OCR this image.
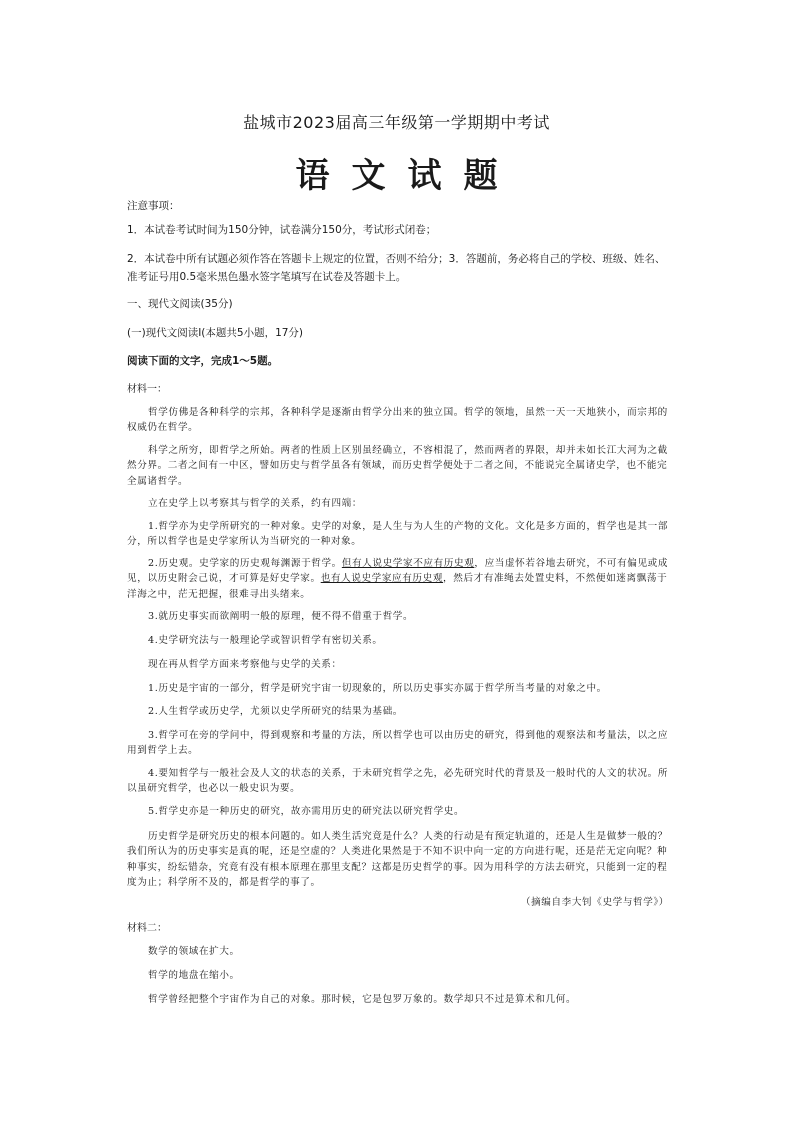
盐城市2023届高三年级第一学期期中考试
语文试题
注意事项：
1．本试卷考试时间为150分钟，试卷满分150分，考试形式闭卷；
2．本试卷中所有试题必须作答在答题卡上规定的位置，否则不给分；3．答题前，务必将自己的学校、班级、姓名、准考证号用0.5毫米黑色墨水签字笔填写在试卷及答题卡上。
一、现代文阅读(35分)
(一)现代文阅读Ⅰ(本题共5小题，17分)
阅读下面的文字，完成1～5题。
材料一：
哲学仿佛是各种科学的宗邦，各种科学是逐渐由哲学分出来的独立国。哲学的领地，虽然一天一天地狭小，而宗邦的权威仍在哲学。
科学之所穷，即哲学之所始。两者的性质上区别虽经确立，不容相混了，然而两者的界限，却并未如长江大河为之截然分界。二者之间有一中区，譬如历史与哲学虽各有领域，而历史哲学便处于二者之间，不能说完全属诸史学，也不能完全属诸哲学。
立在史学上以考察其与哲学的关系，约有四端：
1.哲学亦为史学所研究的一种对象。史学的对象，是人生与为人生的产物的文化。文化是多方面的，哲学也是其一部分，所以哲学也是史学家所认为当研究的一种对象。
2.历史观。史学家的历史观每渊源于哲学。但有人说史学家不应有历史观，应当虚怀若谷地去研究，不可有偏见或成见，以历史附会己说，才可算是好史学家。也有人说史学家应有历史观，然后才有准绳去处置史料，不然便如迷离飘荡于洋海之中，茫无把握，很难寻出头绪来。
3.就历史事实而欲阐明一般的原理，便不得不借重于哲学。
4.史学研究法与一般理论学或智识哲学有密切关系。
现在再从哲学方面来考察他与史学的关系：
1.历史是宇宙的一部分，哲学是研究宇宙一切现象的，所以历史事实亦属于哲学所当考量的对象之中。
2.人生哲学或历史学，尤须以史学所研究的结果为基础。
3.哲学可在旁的学问中，得到观察和考量的方法，所以哲学也可以由历史的研究，得到他的观察法和考量法，以之应用到哲学上去。
4.要知哲学与一般社会及人文的状态的关系，于未研究哲学之先，必先研究时代的背景及一般时代的人文的状况。所以虽研究哲学，也必以一般史识为要。
5.哲学史亦是一种历史的研究，故亦需用历史的研究法以研究哲学史。
历史哲学是研究历史的根本问题的。如人类生活究竟是什么？人类的行动是有预定轨道的，还是人生是做梦一般的？我们所认为的历史事实是真的呢，还是空虚的？人类进化果然是于不知不识中向一定的方向进行呢，还是茫无定向呢？种种事实，纷纭错杂，究竟有没有根本原理在那里支配？这都是历史哲学的事。因为用科学的方法去研究，只能到一定的程度为止；科学所不及的，都是哲学的事了。
（摘编自李大钊《史学与哲学》）
材料二：
数学的领域在扩大。
哲学的地盘在缩小。
哲学曾经把整个宇宙作为自己的对象。那时候，它是包罗万象的。数学却只不过是算术和几何。
